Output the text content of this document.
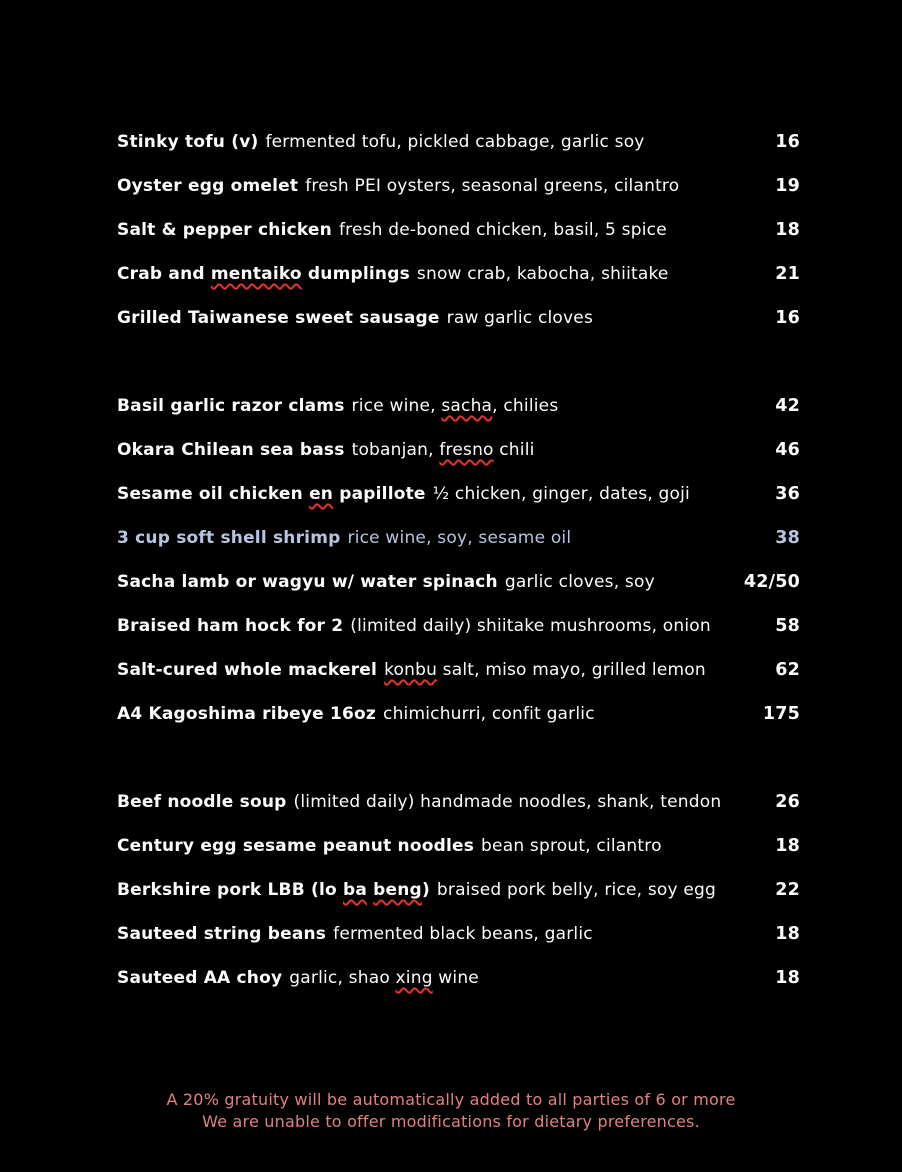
Stinky tofu (v) fermented tofu, pickled cabbage, garlic soy	16
Oyster egg omelet fresh PEI oysters, seasonal greens, cilantro	19
Salt & pepper chicken fresh de-boned chicken, basil, 5 spice	18
Crab and mentaiko dumplings snow crab, kabocha, shiitake	21
Grilled Taiwanese sweet sausage raw garlic cloves	16
Basil garlic razor clams rice wine, sacha, chilies	42
Okara Chilean sea bass tobanjan, fresno chili	46
Sesame oil chicken en papillote ½ chicken, ginger, dates, goji	36
3 cup soft shell shrimp rice wine, soy, sesame oil	38
Sacha lamb or wagyu w/ water spinach garlic cloves, soy	42/50
Braised ham hock for 2 (limited daily) shiitake mushrooms, onion	58
Salt-cured whole mackerel konbu salt, miso mayo, grilled lemon	62
A4 Kagoshima ribeye 16oz chimichurri, confit garlic	175
Beef noodle soup (limited daily) handmade noodles, shank, tendon	26
Century egg sesame peanut noodles bean sprout, cilantro	18
Berkshire pork LBB (lo ba beng) braised pork belly, rice, soy egg	22
Sauteed string beans fermented black beans, garlic	18
Sauteed AA choy garlic, shao xing wine	18
A 20% gratuity will be automatically added to all parties of 6 or more
We are unable to offer modifications for dietary preferences.
